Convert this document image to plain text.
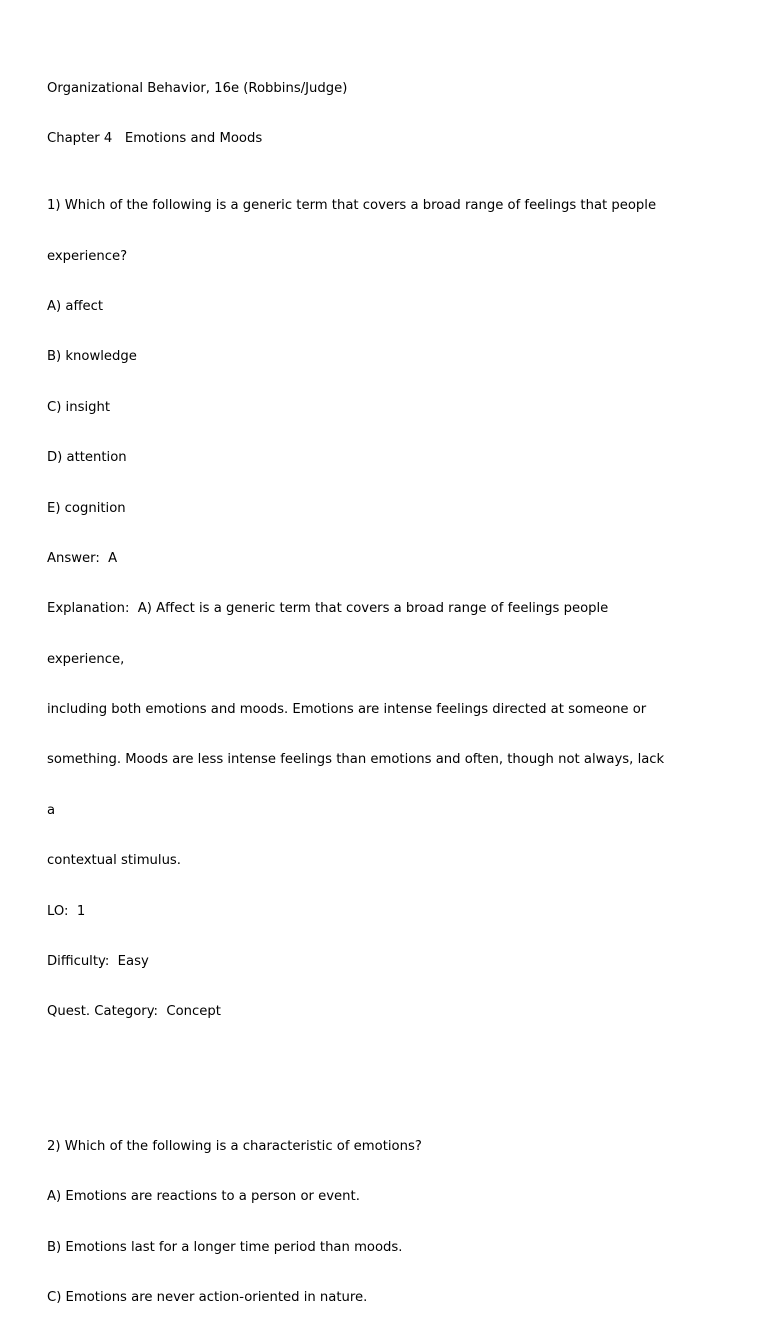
Organizational Behavior, 16e (Robbins/Judge)

Chapter 4   Emotions and Moods

1) Which of the following is a generic term that covers a broad range of feelings that people

experience?

A) affect

B) knowledge

C) insight

D) attention

E) cognition

Answer:  A

Explanation:  A) Affect is a generic term that covers a broad range of feelings people

experience,

including both emotions and moods. Emotions are intense feelings directed at someone or

something. Moods are less intense feelings than emotions and often, though not always, lack

a

contextual stimulus.

LO:  1

Difficulty:  Easy

Quest. Category:  Concept

2) Which of the following is a characteristic of emotions?

A) Emotions are reactions to a person or event.

B) Emotions last for a longer time period than moods.

C) Emotions are never action-oriented in nature.
